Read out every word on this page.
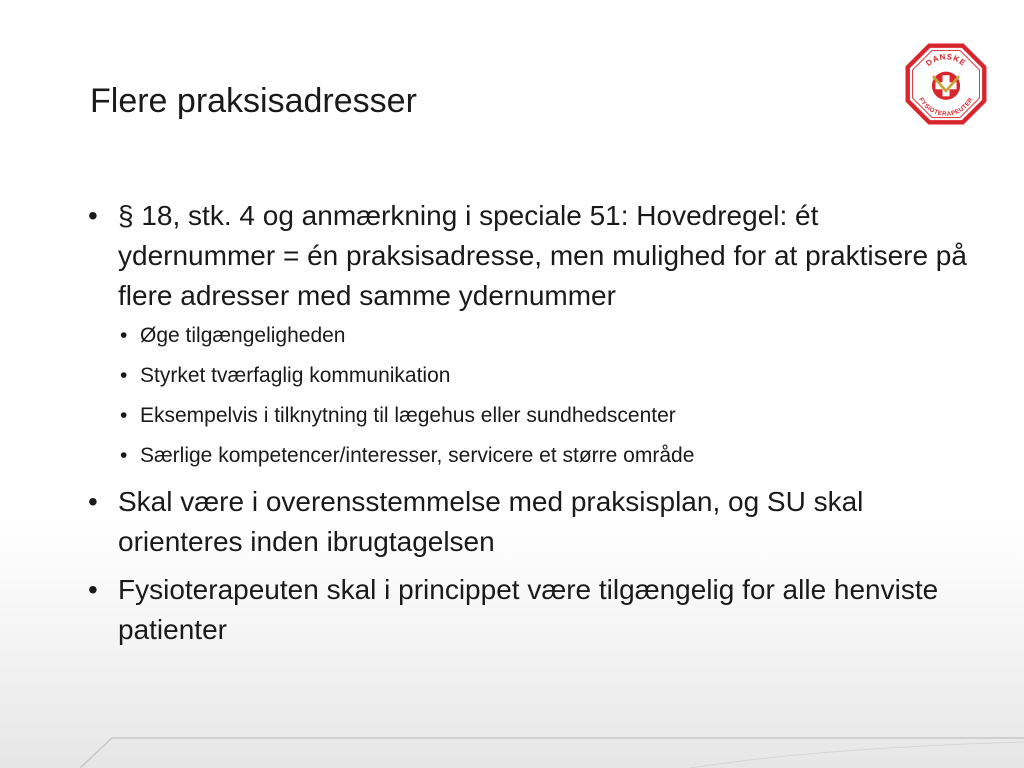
Flere praksisadresser
DANSKE
FYSIOTERAPEUTER
• § 18, stk. 4 og anmærkning i speciale 51: Hovedregel: ét ydernummer = én praksisadresse, men mulighed for at praktisere på flere adresser med samme ydernummer
• Øge tilgængeligheden
• Styrket tværfaglig kommunikation
• Eksempelvis i tilknytning til lægehus eller sundhedscenter
• Særlige kompetencer/interesser, servicere et større område
• Skal være i overensstemmelse med praksisplan, og SU skal orienteres inden ibrugtagelsen
• Fysioterapeuten skal i princippet være tilgængelig for alle henviste patienter
